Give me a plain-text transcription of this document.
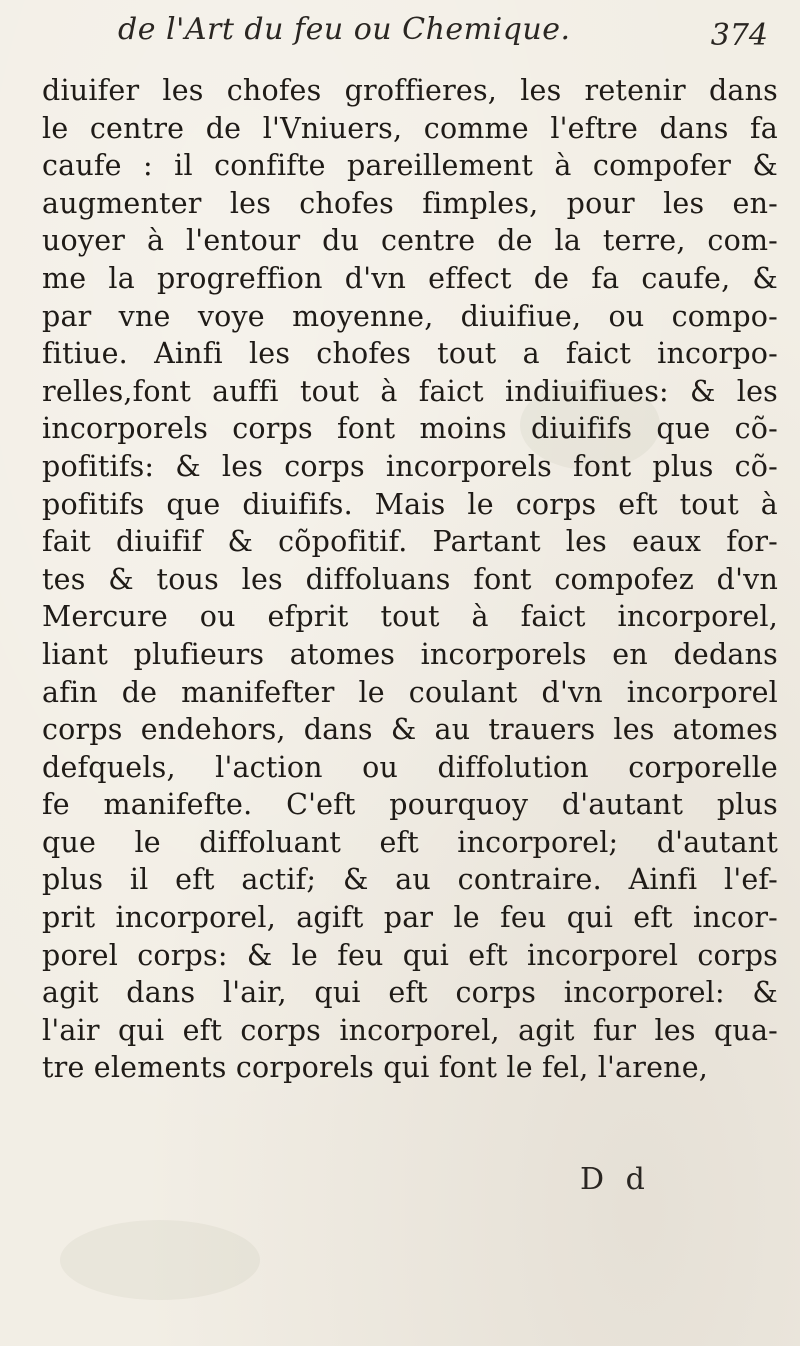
de l'Art du feu ou Chemique.	374
diuifer les chofes groffieres, les retenir dans
le centre de l'Vniuers, comme l'eftre dans fa
caufe : il confifte pareillement à compofer &
augmenter les chofes fimples, pour les en-
uoyer à l'entour du centre de la terre, com-
me la progreffion d'vn effect de fa caufe, &
par vne voye moyenne, diuifiue, ou compo-
fitiue. Ainfi les chofes tout a faict incorpo-
relles,font auffi tout à faict indiuifiues: & les
incorporels corps font moins diuififs que cõ-
pofitifs: & les corps incorporels font plus cõ-
pofitifs que diuififs. Mais le corps eft tout à
fait diuifif & cõpofitif. Partant les eaux for-
tes & tous les diffoluans font compofez d'vn
Mercure ou efprit tout à faict incorporel,
liant plufieurs atomes incorporels en dedans
afin de manifefter le coulant d'vn incorporel
corps endehors, dans & au trauers les atomes
defquels, l'action ou diffolution corporelle
fe manifefte. C'eft pourquoy d'autant plus
que le diffoluant eft incorporel; d'autant
plus il eft actif; & au contraire. Ainfi l'ef-
prit incorporel, agift par le feu qui eft incor-
porel corps: & le feu qui eft incorporel corps
agit dans l'air, qui eft corps incorporel: &
l'air qui eft corps incorporel, agit fur les qua-
tre elements corporels qui font le fel, l'arene,
D d
